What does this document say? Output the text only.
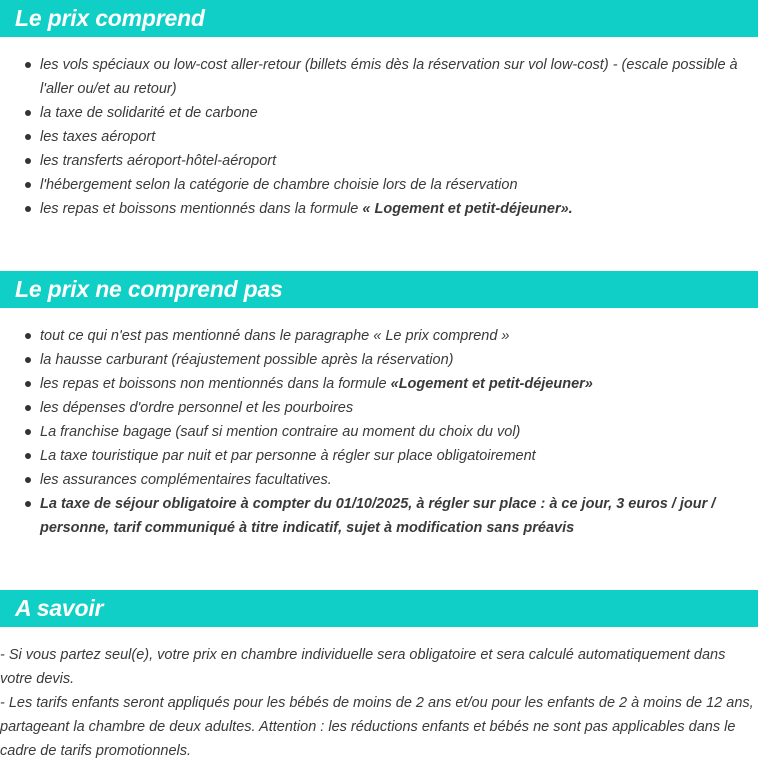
Le prix comprend
les vols spéciaux ou low-cost aller-retour (billets émis dès la réservation sur vol low-cost) - (escale possible à l'aller ou/et au retour)
la taxe de solidarité et de carbone
les taxes aéroport
les transferts aéroport-hôtel-aéroport
l'hébergement selon la catégorie de chambre choisie lors de la réservation
les repas et boissons mentionnés dans la formule « Logement et petit-déjeuner».
Le prix ne comprend pas
tout ce qui n'est pas mentionné dans le paragraphe « Le prix comprend »
la hausse carburant (réajustement possible après la réservation)
les repas et boissons non mentionnés dans la formule «Logement et petit-déjeuner»
les dépenses d'ordre personnel et les pourboires
La franchise bagage (sauf si mention contraire au moment du choix du vol)
La taxe touristique par nuit et par personne à régler sur place obligatoirement
les assurances complémentaires facultatives.
La taxe de séjour obligatoire à compter du 01/10/2025, à régler sur place : à ce jour, 3 euros / jour / personne, tarif communiqué à titre indicatif, sujet à modification sans préavis
A savoir

- Si vous partez seul(e), votre prix en chambre individuelle sera obligatoire et sera calculé automatiquement dans votre devis.

- Les tarifs enfants seront appliqués pour les bébés de moins de 2 ans et/ou pour les enfants de 2 à moins de 12 ans, partageant la chambre de deux adultes. Attention : les réductions enfants et bébés ne sont pas applicables dans le cadre de tarifs promotionnels.
